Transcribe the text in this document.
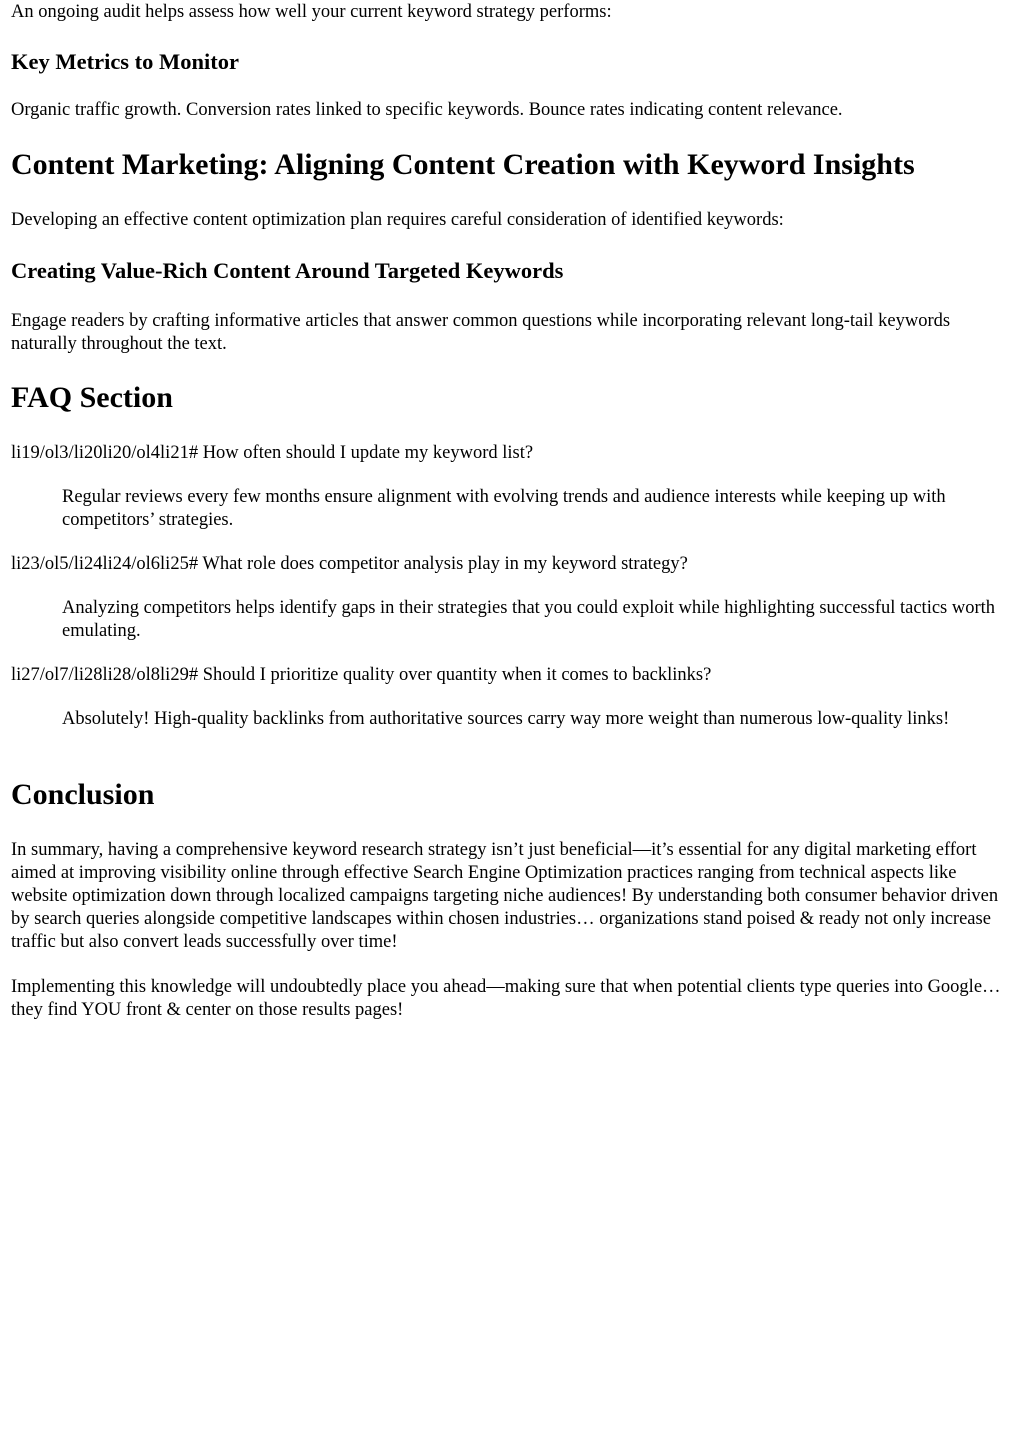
An ongoing audit helps assess how well your current keyword strategy performs:

Key Metrics to Monitor

Organic traffic growth. Conversion rates linked to specific keywords. Bounce rates indicating content relevance.

Content Marketing: Aligning Content Creation with Keyword Insights

Developing an effective content optimization plan requires careful consideration of identified keywords:

Creating Value-Rich Content Around Targeted Keywords

Engage readers by crafting informative articles that answer common questions while incorporating relevant long-tail keywords naturally throughout the text.

FAQ Section

li19/ol3/li20li20/ol4li21# How often should I update my keyword list?

Regular reviews every few months ensure alignment with evolving trends and audience interests while keeping up with competitors’ strategies.

li23/ol5/li24li24/ol6li25# What role does competitor analysis play in my keyword strategy?

Analyzing competitors helps identify gaps in their strategies that you could exploit while highlighting successful tactics worth emulating.

li27/ol7/li28li28/ol8li29# Should I prioritize quality over quantity when it comes to backlinks?

Absolutely! High-quality backlinks from authoritative sources carry way more weight than numerous low-quality links!

Conclusion

In summary, having a comprehensive keyword research strategy isn’t just beneficial—it’s essential for any digital marketing effort aimed at improving visibility online through effective Search Engine Optimization practices ranging from technical aspects like website optimization down through localized campaigns targeting niche audiences! By understanding both consumer behavior driven by search queries alongside competitive landscapes within chosen industries… organizations stand poised & ready not only increase traffic but also convert leads successfully over time!

Implementing this knowledge will undoubtedly place you ahead—making sure that when potential clients type queries into Google… they find YOU front & center on those results pages!
